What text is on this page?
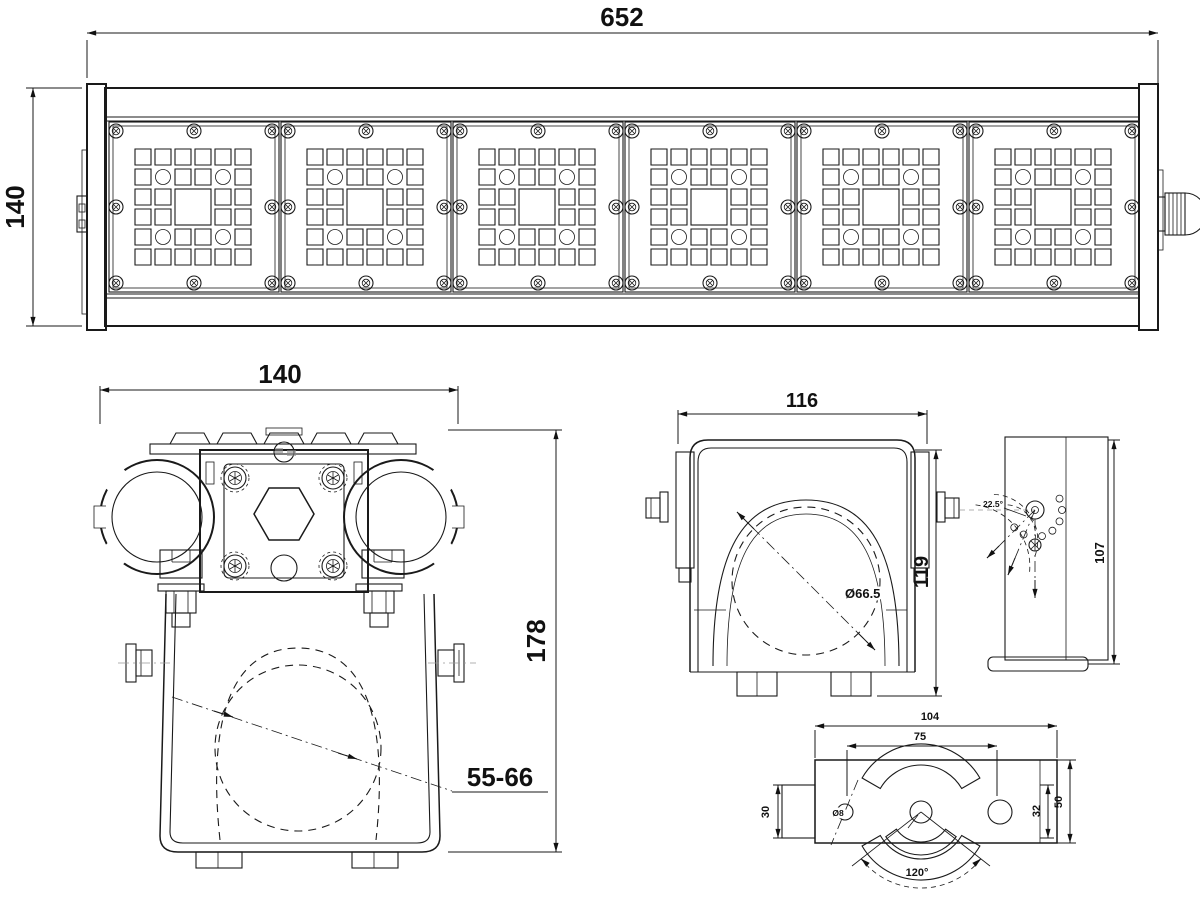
652
140
140
178
55-66
116
119
Ø66.5
107
22.5°
104
75
Ø8
30	32
50
120°
